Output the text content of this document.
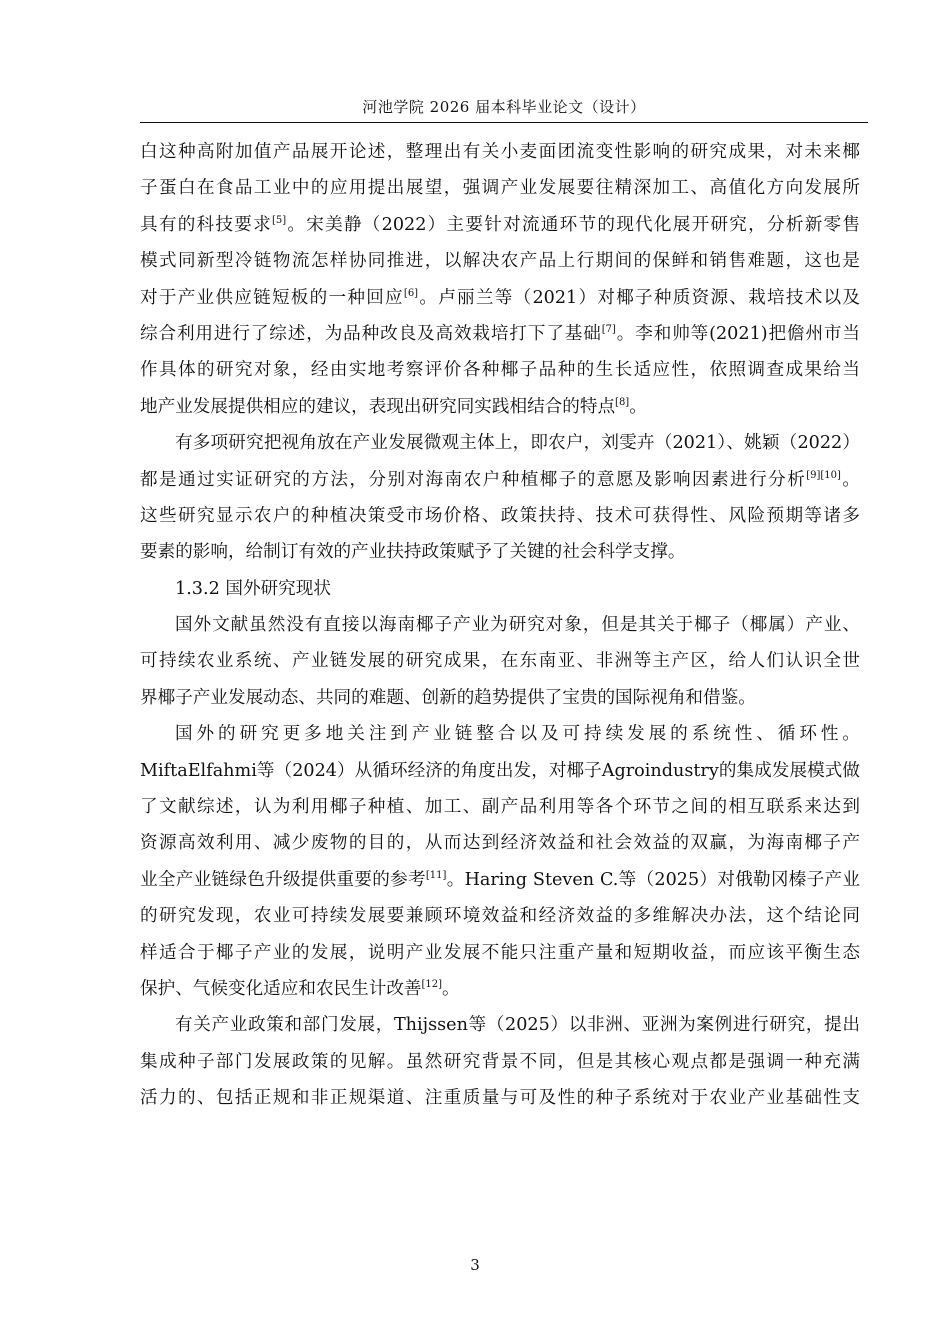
河池学院 2026 届本科毕业论文（设计）
白这种高附加值产品展开论述，整理出有关小麦面团流变性影响的研究成果，对未来椰
子蛋白在食品工业中的应用提出展望，强调产业发展要往精深加工、高值化方向发展所
具有的科技要求[5]。宋美静（2022）主要针对流通环节的现代化展开研究，分析新零售
模式同新型冷链物流怎样协同推进，以解决农产品上行期间的保鲜和销售难题，这也是
对于产业供应链短板的一种回应[6]。卢丽兰等（2021）对椰子种质资源、栽培技术以及
综合利用进行了综述，为品种改良及高效栽培打下了基础[7]。李和帅等(2021)把儋州市当
作具体的研究对象，经由实地考察评价各种椰子品种的生长适应性，依照调查成果给当
地产业发展提供相应的建议，表现出研究同实践相结合的特点[8]。
有多项研究把视角放在产业发展微观主体上，即农户，刘雯卉（2021）、姚颖（2022）
都是通过实证研究的方法，分别对海南农户种植椰子的意愿及影响因素进行分析[9][10]。
这些研究显示农户的种植决策受市场价格、政策扶持、技术可获得性、风险预期等诸多
要素的影响，给制订有效的产业扶持政策赋予了关键的社会科学支撑。
1.3.2 国外研究现状
国外文献虽然没有直接以海南椰子产业为研究对象，但是其关于椰子（椰属）产业、
可持续农业系统、产业链发展的研究成果，在东南亚、非洲等主产区，给人们认识全世
界椰子产业发展动态、共同的难题、创新的趋势提供了宝贵的国际视角和借鉴。
国外的研究更多地关注到产业链整合以及可持续发展的系统性、循环性。
MiftaElfahmi等（2024）从循环经济的角度出发，对椰子Agroindustry的集成发展模式做
了文献综述，认为利用椰子种植、加工、副产品利用等各个环节之间的相互联系来达到
资源高效利用、减少废物的目的，从而达到经济效益和社会效益的双赢，为海南椰子产
业全产业链绿色升级提供重要的参考[11]。Haring Steven C.等（2025）对俄勒冈榛子产业
的研究发现，农业可持续发展要兼顾环境效益和经济效益的多维解决办法，这个结论同
样适合于椰子产业的发展，说明产业发展不能只注重产量和短期收益，而应该平衡生态
保护、气候变化适应和农民生计改善[12]。
有关产业政策和部门发展，Thijssen等（2025）以非洲、亚洲为案例进行研究，提出
集成种子部门发展政策的见解。虽然研究背景不同，但是其核心观点都是强调一种充满
活力的、包括正规和非正规渠道、注重质量与可及性的种子系统对于农业产业基础性支
3
